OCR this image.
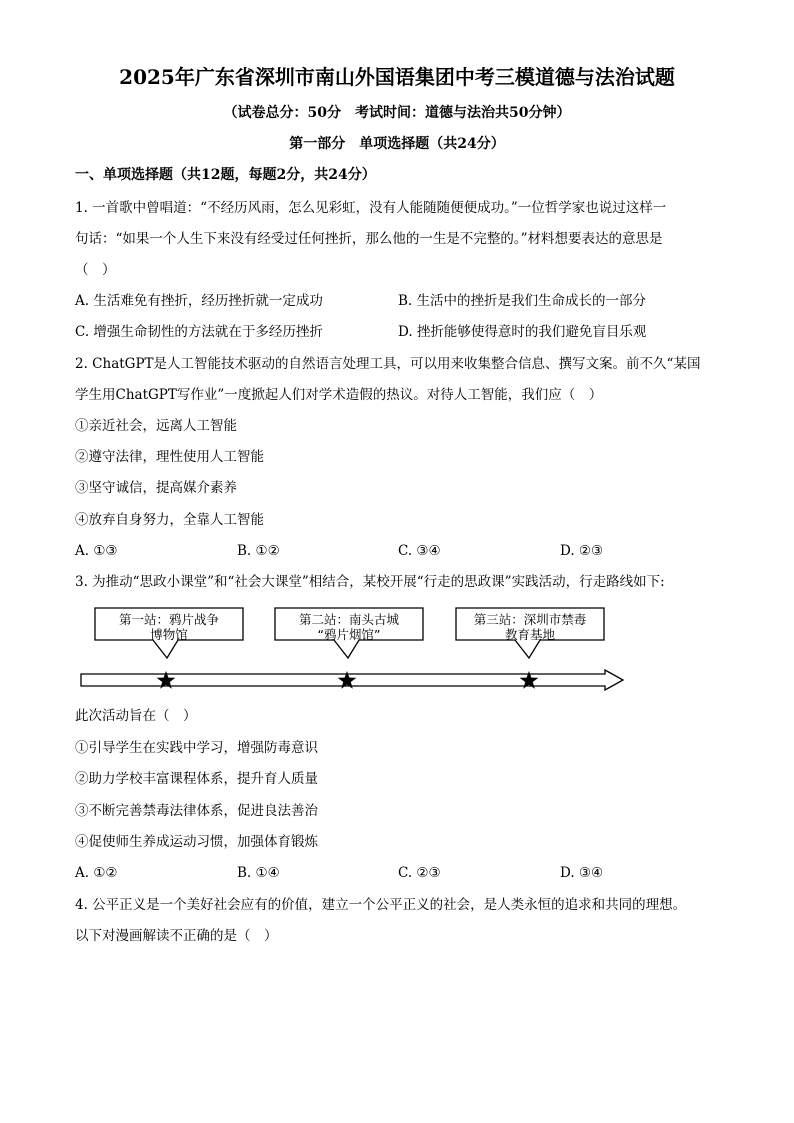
2025年广东省深圳市南山外国语集团中考三模道德与法治试题
（试卷总分：50分　考试时间：道德与法治共50分钟）
第一部分　单项选择题（共24分）
一、单项选择题（共12题，每题2分，共24分）
1. 一首歌中曾唱道：“不经历风雨，怎么见彩虹，没有人能随随便便成功。”一位哲学家也说过这样一
句话：“如果一个人生下来没有经受过任何挫折，那么他的一生是不完整的。”材料想要表达的意思是
（　）
A. 生活难免有挫折，经历挫折就一定成功	B. 生活中的挫折是我们生命成长的一部分
C. 增强生命韧性的方法就在于多经历挫折	D. 挫折能够使得意时的我们避免盲目乐观
2. ChatGPT是人工智能技术驱动的自然语言处理工具，可以用来收集整合信息、撰写文案。前不久“某国
学生用ChatGPT写作业”一度掀起人们对学术造假的热议。对待人工智能，我们应（　）
①亲近社会，远离人工智能
②遵守法律，理性使用人工智能
③坚守诚信，提高媒介素养
④放弃自身努力，全靠人工智能
A. ①③	B. ①②	C. ③④	D. ②③
3. 为推动“思政小课堂”和“社会大课堂”相结合，某校开展“行走的思政课”实践活动，行走路线如下:
第一站：鸦片战争
博物馆
第二站：南头古城
“鸦片烟馆”
第三站：深圳市禁毒
教育基地
此次活动旨在（　）
①引导学生在实践中学习，增强防毒意识
②助力学校丰富课程体系，提升育人质量
③不断完善禁毒法律体系，促进良法善治
④促使师生养成运动习惯，加强体育锻炼
A. ①②	B. ①④	C. ②③	D. ③④
4. 公平正义是一个美好社会应有的价值，建立一个公平正义的社会，是人类永恒的追求和共同的理想。
以下对漫画解读不正确的是（　）
